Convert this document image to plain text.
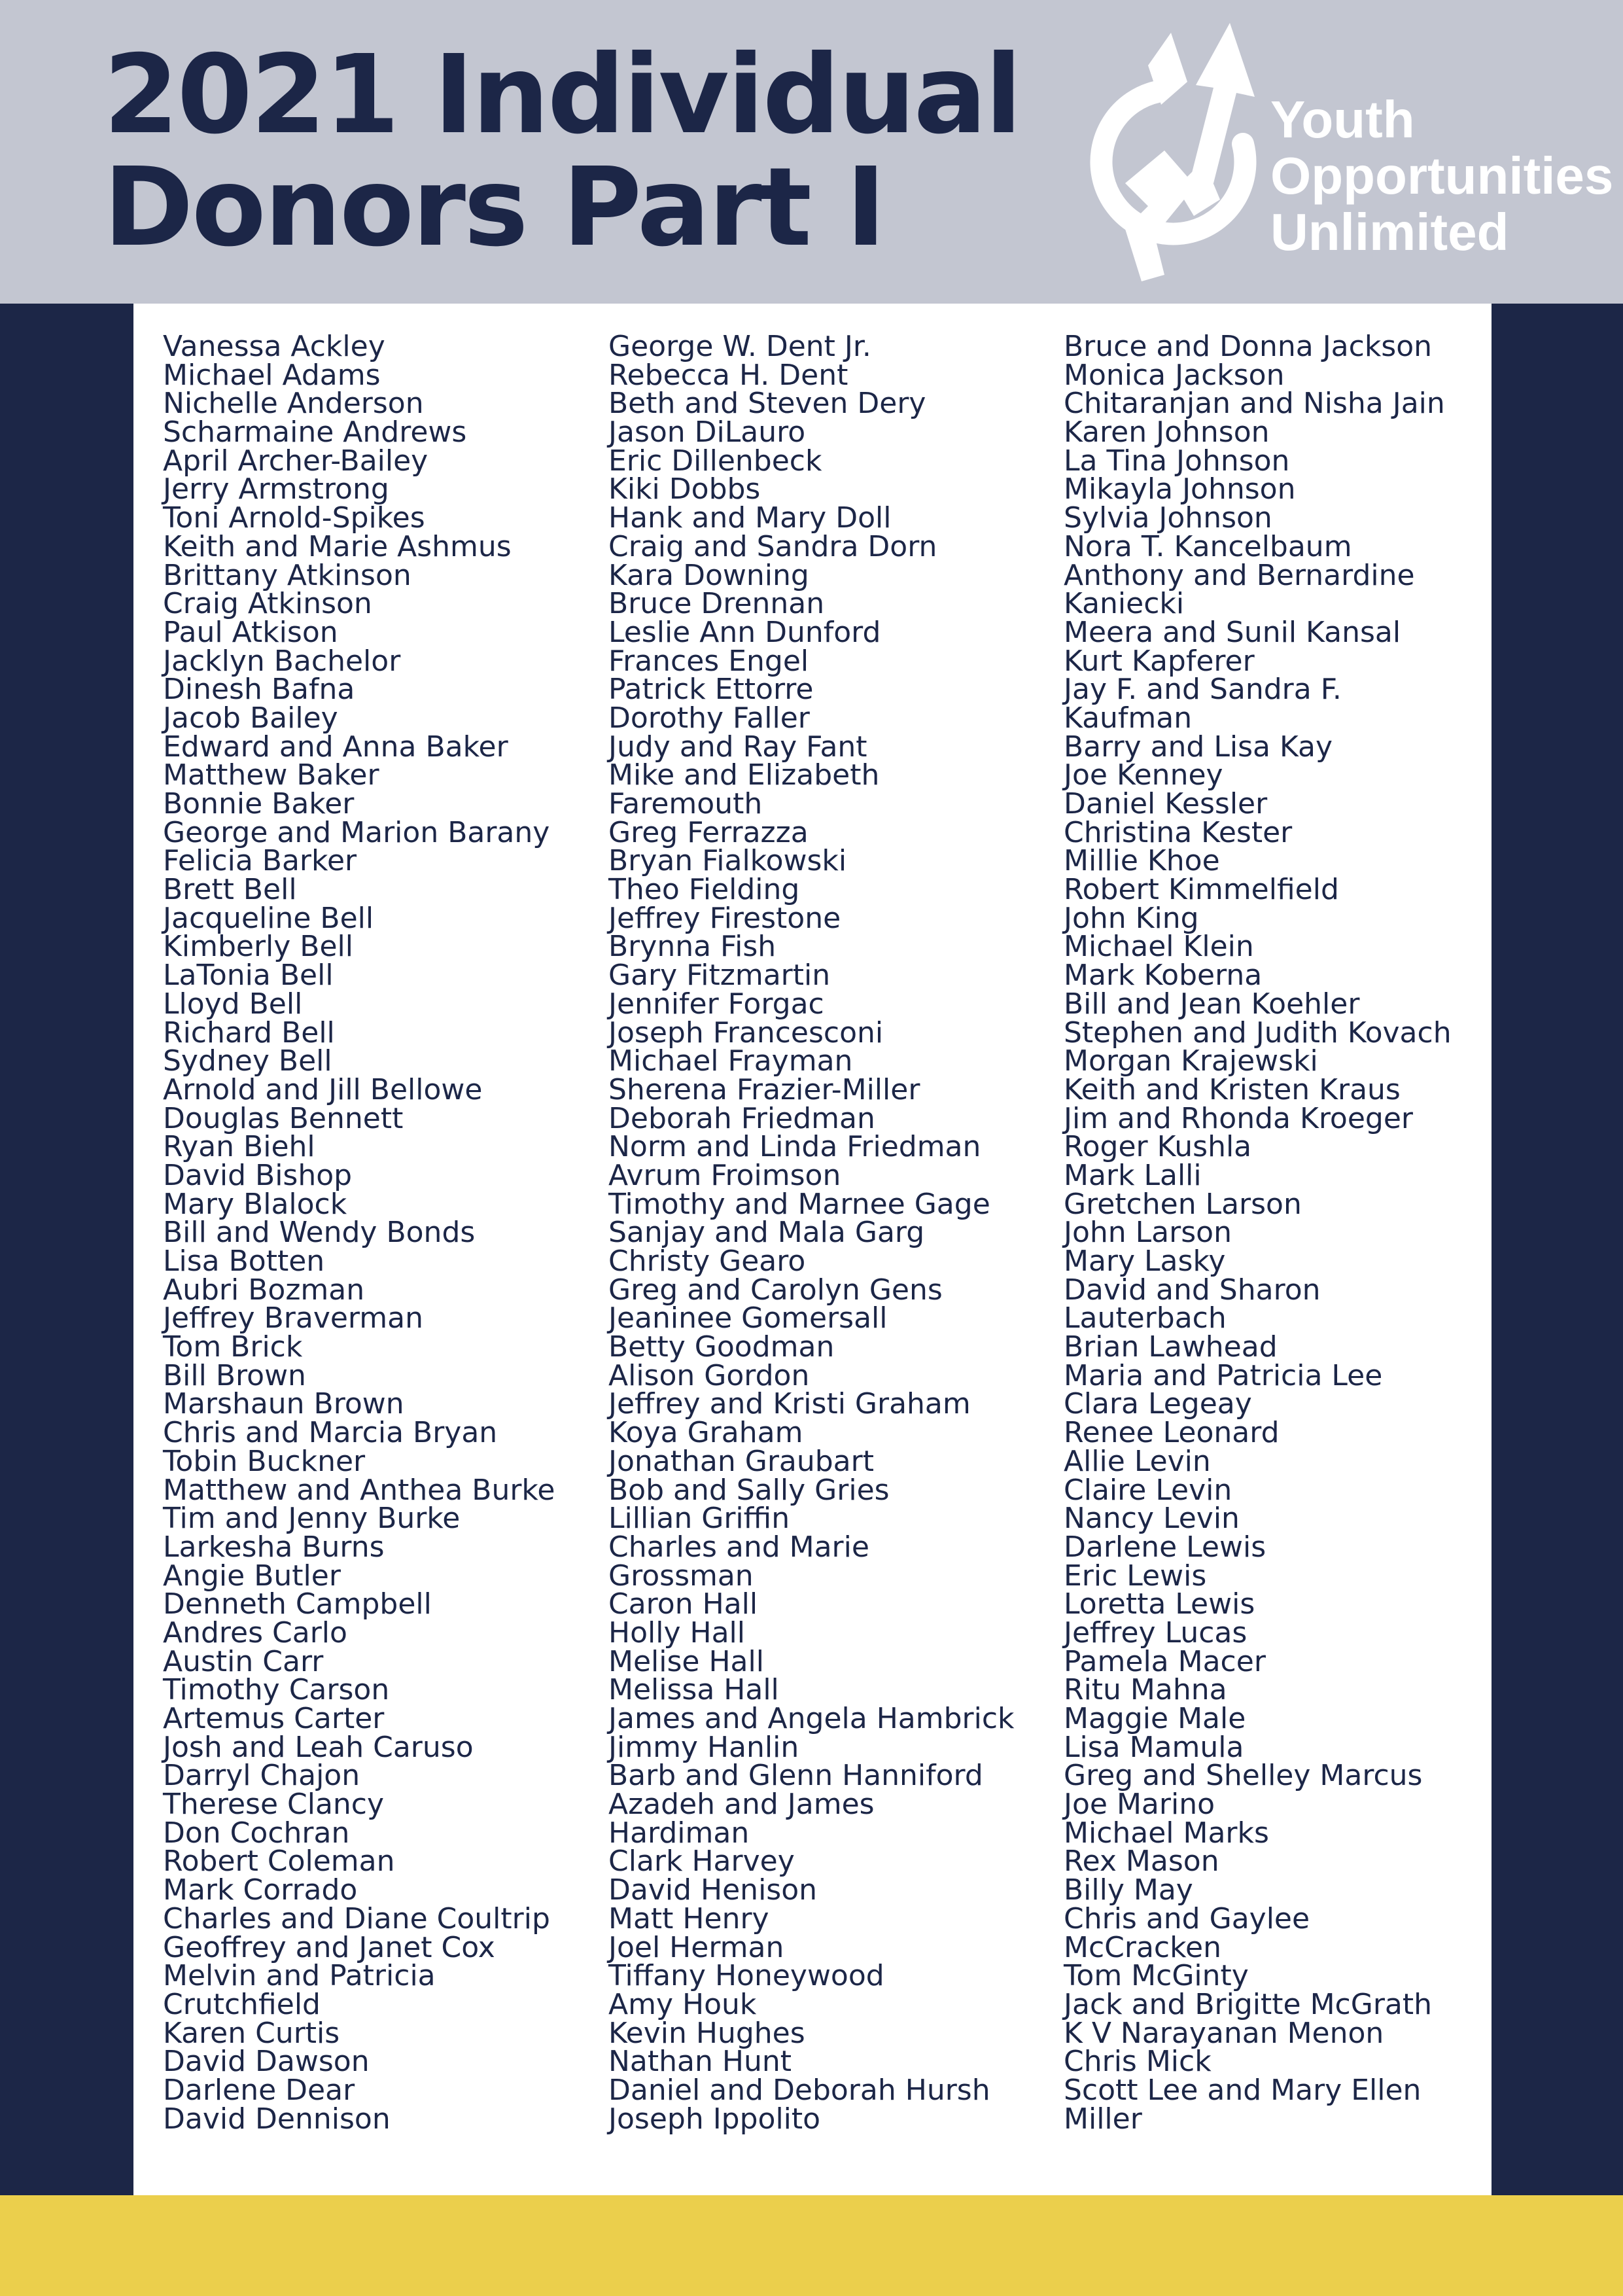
2021 Individual
Donors Part I
Youth
Opportunities
Unlimited
Vanessa Ackley
Michael Adams
Nichelle Anderson
Scharmaine Andrews
April Archer-Bailey
Jerry Armstrong
Toni Arnold-Spikes
Keith and Marie Ashmus
Brittany Atkinson
Craig Atkinson
Paul Atkison
Jacklyn Bachelor
Dinesh Bafna
Jacob Bailey
Edward and Anna Baker
Matthew Baker
Bonnie Baker
George and Marion Barany
Felicia Barker
Brett Bell
Jacqueline Bell
Kimberly Bell
LaTonia Bell
Lloyd Bell
Richard Bell
Sydney Bell
Arnold and Jill Bellowe
Douglas Bennett
Ryan Biehl
David Bishop
Mary Blalock
Bill and Wendy Bonds
Lisa Botten
Aubri Bozman
Jeffrey Braverman
Tom Brick
Bill Brown
Marshaun Brown
Chris and Marcia Bryan
Tobin Buckner
Matthew and Anthea Burke
Tim and Jenny Burke
Larkesha Burns
Angie Butler
Denneth Campbell
Andres Carlo
Austin Carr
Timothy Carson
Artemus Carter
Josh and Leah Caruso
Darryl Chajon
Therese Clancy
Don Cochran
Robert Coleman
Mark Corrado
Charles and Diane Coultrip
Geoffrey and Janet Cox
Melvin and Patricia
Crutchfield
Karen Curtis
David Dawson
Darlene Dear
David Dennison
George W. Dent Jr.
Rebecca H. Dent
Beth and Steven Dery
Jason DiLauro
Eric Dillenbeck
Kiki Dobbs
Hank and Mary Doll
Craig and Sandra Dorn
Kara Downing
Bruce Drennan
Leslie Ann Dunford
Frances Engel
Patrick Ettorre
Dorothy Faller
Judy and Ray Fant
Mike and Elizabeth
Faremouth
Greg Ferrazza
Bryan Fialkowski
Theo Fielding
Jeffrey Firestone
Brynna Fish
Gary Fitzmartin
Jennifer Forgac
Joseph Francesconi
Michael Frayman
Sherena Frazier-Miller
Deborah Friedman
Norm and Linda Friedman
Avrum Froimson
Timothy and Marnee Gage
Sanjay and Mala Garg
Christy Gearo
Greg and Carolyn Gens
Jeaninee Gomersall
Betty Goodman
Alison Gordon
Jeffrey and Kristi Graham
Koya Graham
Jonathan Graubart
Bob and Sally Gries
Lillian Griffin
Charles and Marie
Grossman
Caron Hall
Holly Hall
Melise Hall
Melissa Hall
James and Angela Hambrick
Jimmy Hanlin
Barb and Glenn Hanniford
Azadeh and James
Hardiman
Clark Harvey
David Henison
Matt Henry
Joel Herman
Tiffany Honeywood
Amy Houk
Kevin Hughes
Nathan Hunt
Daniel and Deborah Hursh
Joseph Ippolito
Bruce and Donna Jackson
Monica Jackson
Chitaranjan and Nisha Jain
Karen Johnson
La Tina Johnson
Mikayla Johnson
Sylvia Johnson
Nora T. Kancelbaum
Anthony and Bernardine
Kaniecki
Meera and Sunil Kansal
Kurt Kapferer
Jay F. and Sandra F.
Kaufman
Barry and Lisa Kay
Joe Kenney
Daniel Kessler
Christina Kester
Millie Khoe
Robert Kimmelfield
John King
Michael Klein
Mark Koberna
Bill and Jean Koehler
Stephen and Judith Kovach
Morgan Krajewski
Keith and Kristen Kraus
Jim and Rhonda Kroeger
Roger Kushla
Mark Lalli
Gretchen Larson
John Larson
Mary Lasky
David and Sharon
Lauterbach
Brian Lawhead
Maria and Patricia Lee
Clara Legeay
Renee Leonard
Allie Levin
Claire Levin
Nancy Levin
Darlene Lewis
Eric Lewis
Loretta Lewis
Jeffrey Lucas
Pamela Macer
Ritu Mahna
Maggie Male
Lisa Mamula
Greg and Shelley Marcus
Joe Marino
Michael Marks
Rex Mason
Billy May
Chris and Gaylee
McCracken
Tom McGinty
Jack and Brigitte McGrath
K V Narayanan Menon
Chris Mick
Scott Lee and Mary Ellen
Miller
